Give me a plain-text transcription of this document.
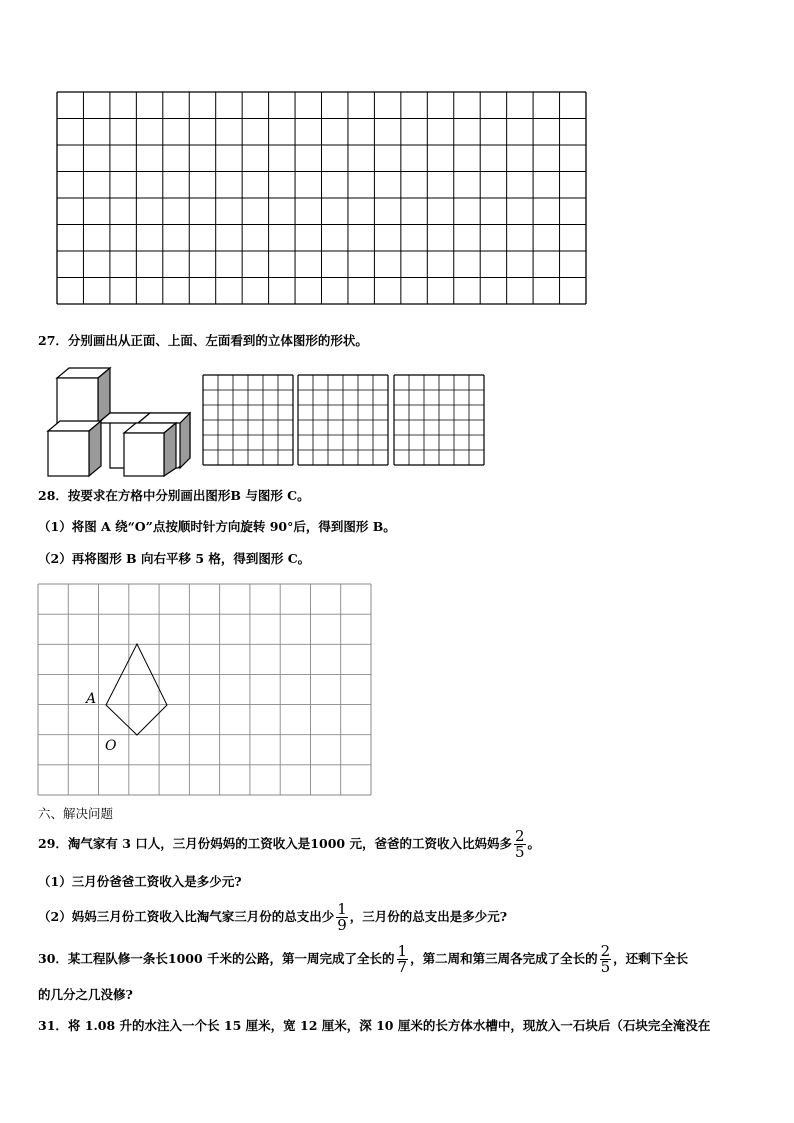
27．分别画出从正面、上面、左面看到的立体图形的形状。
28．按要求在方格中分别画出图形B 与图形 C。
（1）将图 A 绕“O”点按顺时针方向旋转 90°后，得到图形 B。
（2）再将图形 B 向右平移 5 格，得到图形 C。
A
O
六、解决问题
29．淘气家有 3 口人，三月份妈妈的工资收入是1000 元，爸爸的工资收入比妈妈多 $\frac{2}{5}$ 。
（1）三月份爸爸工资收入是多少元?
（2）妈妈三月份工资收入比淘气家三月份的总支出少 $\frac{1}{9}$ ，三月份的总支出是多少元?
30．某工程队修一条长1000 千米的公路，第一周完成了全长的 $\frac{1}{7}$ ，第二周和第三周各完成了全长的 $\frac{2}{5}$ ，还剩下全长
的几分之几没修?
31．将 1.08 升的水注入一个长 15 厘米，宽 12 厘米，深 10 厘米的长方体水槽中，现放入一石块后（石块完全淹没在
